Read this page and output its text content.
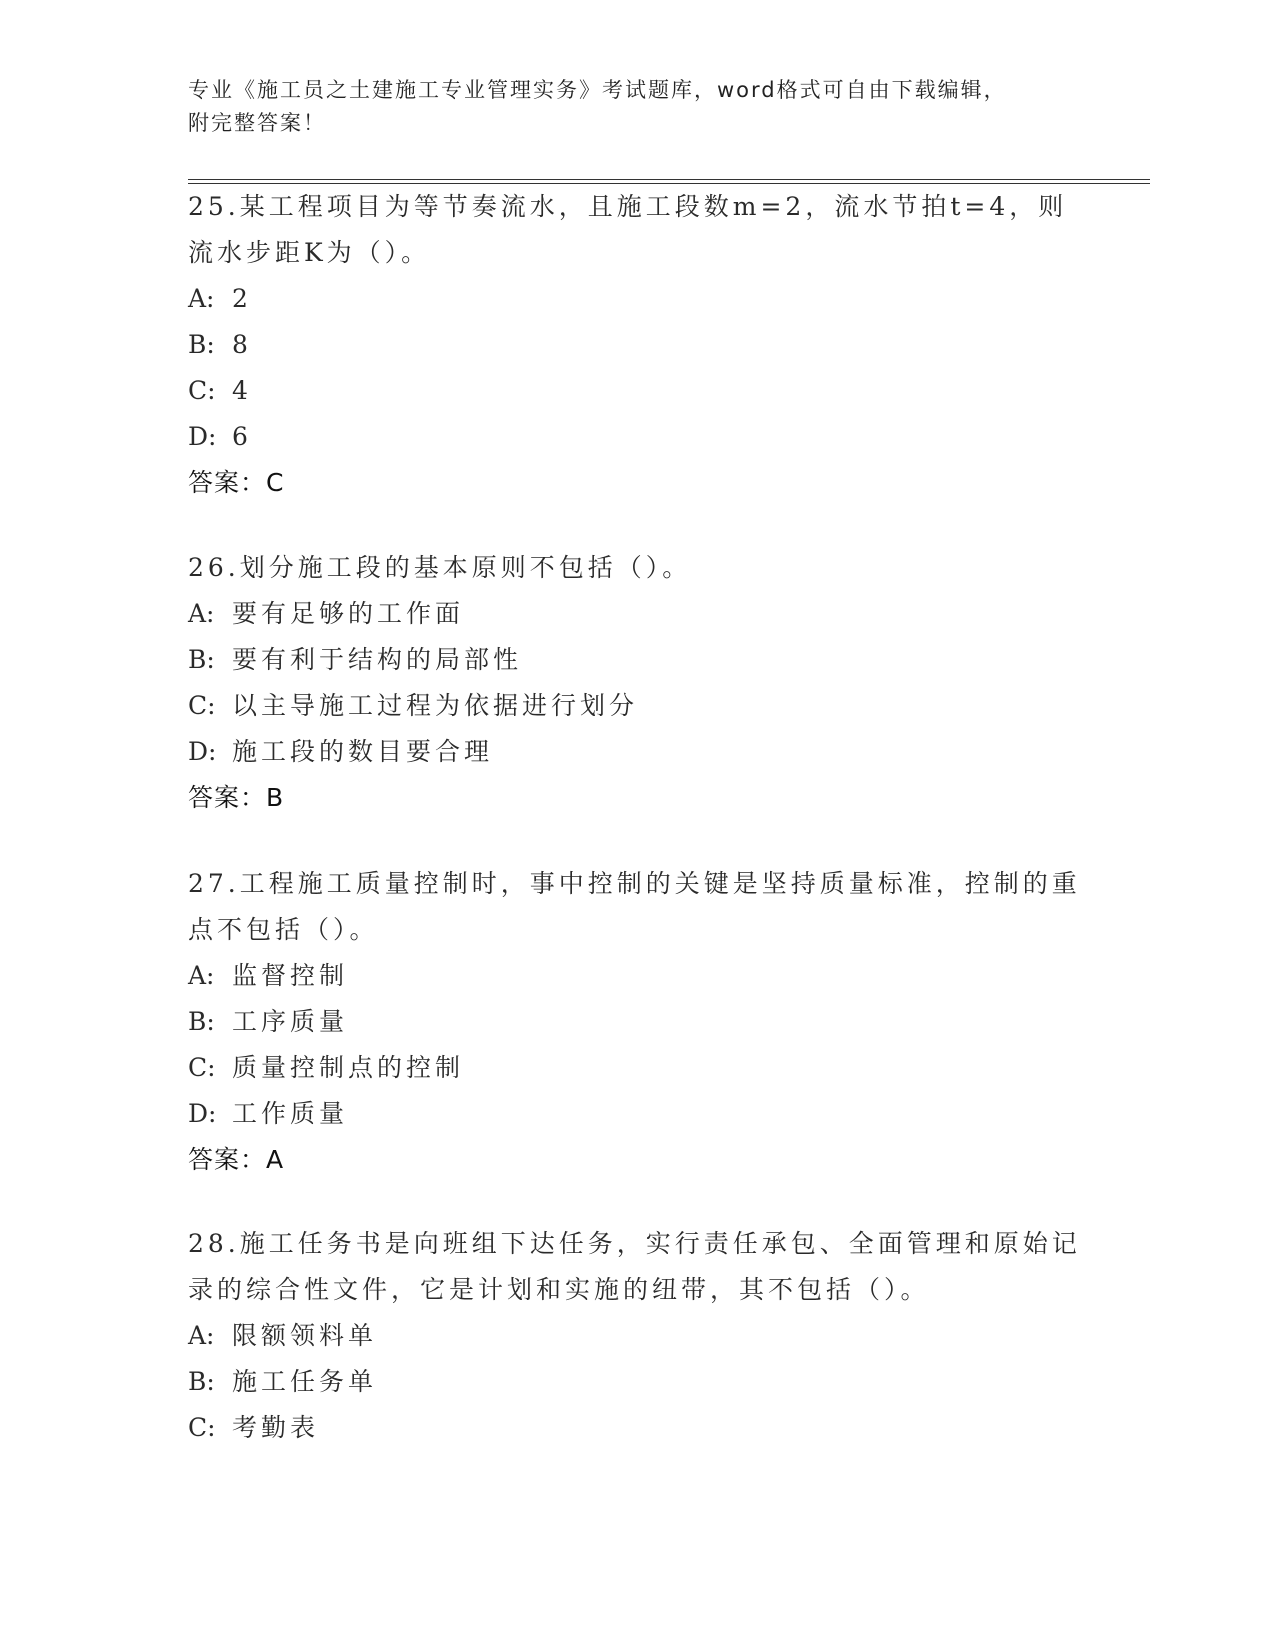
专业《施工员之土建施工专业管理实务》考试题库，word格式可自由下载编辑，
附完整答案！
25.某工程项目为等节奏流水，且施工段数m=2，流水节拍t=4，则流水步距K为（）。
A: 2
B: 8
C: 4
D: 6
答案：C
26.划分施工段的基本原则不包括（）。
A: 要有足够的工作面
B: 要有利于结构的局部性
C: 以主导施工过程为依据进行划分
D: 施工段的数目要合理
答案：B
27.工程施工质量控制时，事中控制的关键是坚持质量标准，控制的重点不包括（）。
A: 监督控制
B: 工序质量
C: 质量控制点的控制
D: 工作质量
答案：A
28.施工任务书是向班组下达任务，实行责任承包、全面管理和原始记录的综合性文件，它是计划和实施的纽带，其不包括（）。
A: 限额领料单
B: 施工任务单
C: 考勤表
